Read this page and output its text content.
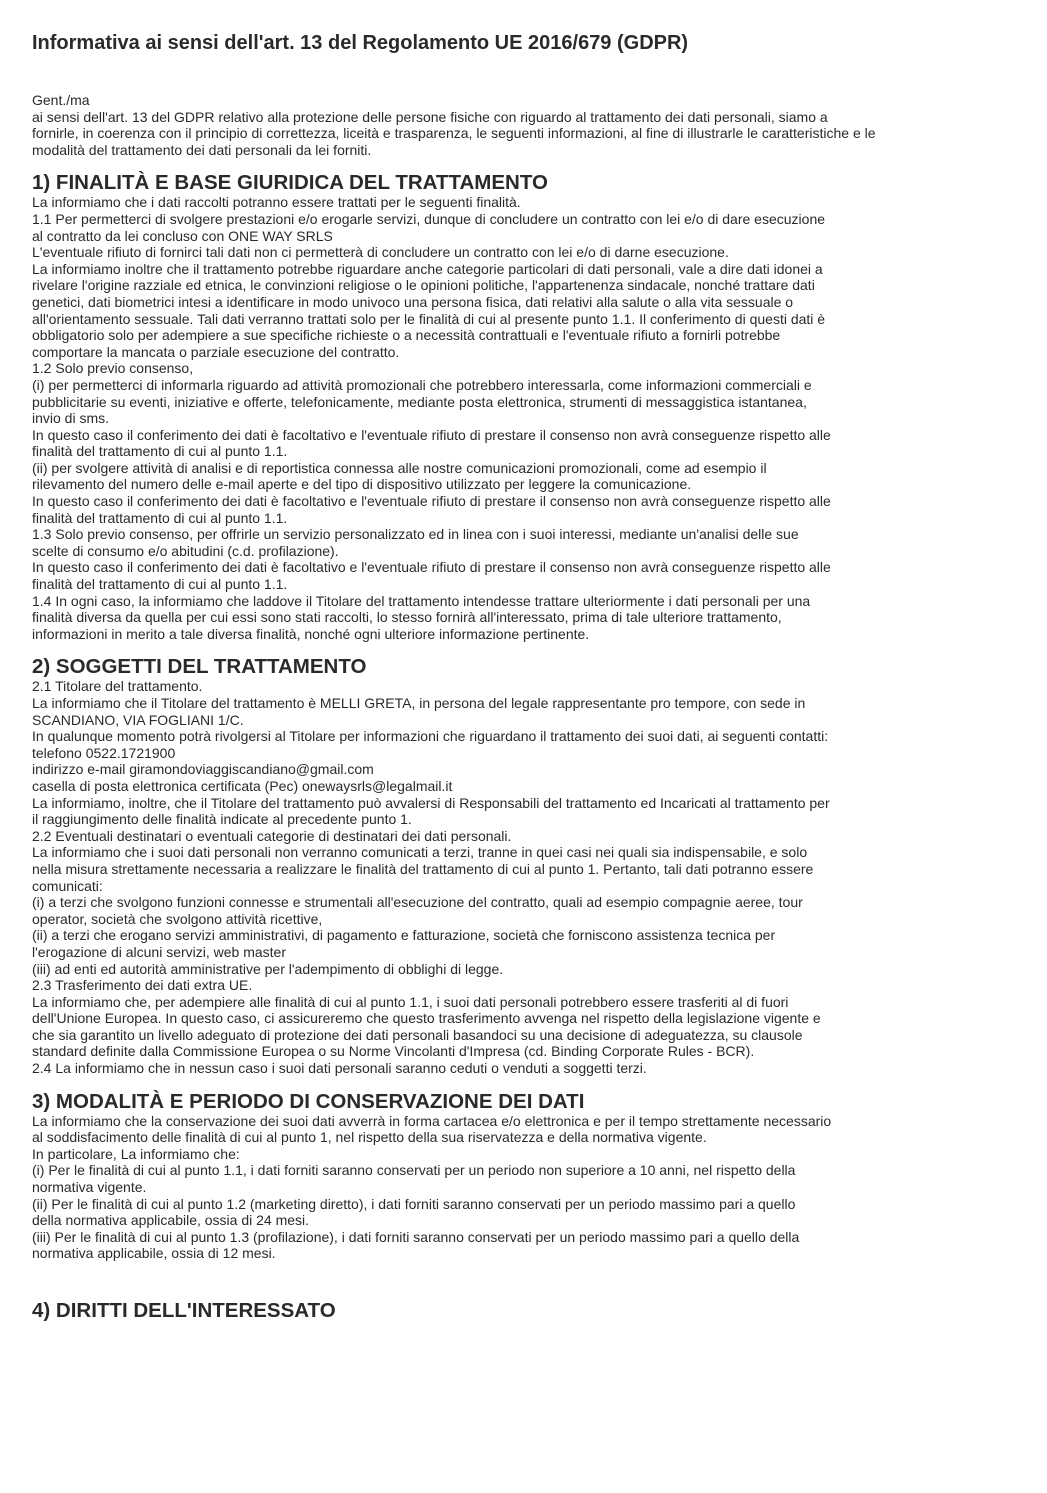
Informativa ai sensi dell'art. 13 del Regolamento UE 2016/679 (GDPR)
Gent./ma
ai sensi dell'art. 13 del GDPR relativo alla protezione delle persone fisiche con riguardo al trattamento dei dati personali, siamo a
fornirle, in coerenza con il principio di correttezza, liceità e trasparenza, le seguenti informazioni, al fine di illustrarle le caratteristiche e le
modalità del trattamento dei dati personali da lei forniti.
1) FINALITÀ E BASE GIURIDICA DEL TRATTAMENTO
La informiamo che i dati raccolti potranno essere trattati per le seguenti finalità.
1.1 Per permetterci di svolgere prestazioni e/o erogarle servizi, dunque di concludere un contratto con lei e/o di dare esecuzione
al contratto da lei concluso con ONE WAY SRLS
L'eventuale rifiuto di fornirci tali dati non ci permetterà di concludere un contratto con lei e/o di darne esecuzione.
La informiamo inoltre che il trattamento potrebbe riguardare anche categorie particolari di dati personali, vale a dire dati idonei a
rivelare l'origine razziale ed etnica, le convinzioni religiose o le opinioni politiche, l'appartenenza sindacale, nonché trattare dati
genetici, dati biometrici intesi a identificare in modo univoco una persona fisica, dati relativi alla salute o alla vita sessuale o
all'orientamento sessuale. Tali dati verranno trattati solo per le finalità di cui al presente punto 1.1. Il conferimento di questi dati è
obbligatorio solo per adempiere a sue specifiche richieste o a necessità contrattuali e l'eventuale rifiuto a fornirli potrebbe
comportare la mancata o parziale esecuzione del contratto.
1.2 Solo previo consenso,
(i) per permetterci di informarla riguardo ad attività promozionali che potrebbero interessarla, come informazioni commerciali e
pubblicitarie su eventi, iniziative e offerte, telefonicamente, mediante posta elettronica, strumenti di messaggistica istantanea,
invio di sms.
In questo caso il conferimento dei dati è facoltativo e l'eventuale rifiuto di prestare il consenso non avrà conseguenze rispetto alle
finalità del trattamento di cui al punto 1.1.
(ii) per svolgere attività di analisi e di reportistica connessa alle nostre comunicazioni promozionali, come ad esempio il
rilevamento del numero delle e-mail aperte e del tipo di dispositivo utilizzato per leggere la comunicazione.
In questo caso il conferimento dei dati è facoltativo e l'eventuale rifiuto di prestare il consenso non avrà conseguenze rispetto alle
finalità del trattamento di cui al punto 1.1.
1.3 Solo previo consenso, per offrirle un servizio personalizzato ed in linea con i suoi interessi, mediante un'analisi delle sue
scelte di consumo e/o abitudini (c.d. profilazione).
In questo caso il conferimento dei dati è facoltativo e l'eventuale rifiuto di prestare il consenso non avrà conseguenze rispetto alle
finalità del trattamento di cui al punto 1.1.
1.4 In ogni caso, la informiamo che laddove il Titolare del trattamento intendesse trattare ulteriormente i dati personali per una
finalità diversa da quella per cui essi sono stati raccolti, lo stesso fornirà all'interessato, prima di tale ulteriore trattamento,
informazioni in merito a tale diversa finalità, nonché ogni ulteriore informazione pertinente.
2) SOGGETTI DEL TRATTAMENTO
2.1 Titolare del trattamento.
La informiamo che il Titolare del trattamento è MELLI GRETA, in persona del legale rappresentante pro tempore, con sede in
SCANDIANO, VIA FOGLIANI 1/C.
In qualunque momento potrà rivolgersi al Titolare per informazioni che riguardano il trattamento dei suoi dati, ai seguenti contatti:
telefono 0522.1721900
indirizzo e-mail giramondoviaggiscandiano@gmail.com
casella di posta elettronica certificata (Pec) onewaysrls@legalmail.it
La informiamo, inoltre, che il Titolare del trattamento può avvalersi di Responsabili del trattamento ed Incaricati al trattamento per
il raggiungimento delle finalità indicate al precedente punto 1.
2.2 Eventuali destinatari o eventuali categorie di destinatari dei dati personali.
La informiamo che i suoi dati personali non verranno comunicati a terzi, tranne in quei casi nei quali sia indispensabile, e solo
nella misura strettamente necessaria a realizzare le finalità del trattamento di cui al punto 1. Pertanto, tali dati potranno essere
comunicati:
(i) a terzi che svolgono funzioni connesse e strumentali all'esecuzione del contratto, quali ad esempio compagnie aeree, tour
operator, società che svolgono attività ricettive,
(ii) a terzi che erogano servizi amministrativi, di pagamento e fatturazione, società che forniscono assistenza tecnica per
l'erogazione di alcuni servizi, web master
(iii) ad enti ed autorità amministrative per l'adempimento di obblighi di legge.
2.3 Trasferimento dei dati extra UE.
La informiamo che, per adempiere alle finalità di cui al punto 1.1, i suoi dati personali potrebbero essere trasferiti al di fuori
dell'Unione Europea. In questo caso, ci assicureremo che questo trasferimento avvenga nel rispetto della legislazione vigente e
che sia garantito un livello adeguato di protezione dei dati personali basandoci su una decisione di adeguatezza, su clausole
standard definite dalla Commissione Europea o su Norme Vincolanti d'Impresa (cd. Binding Corporate Rules - BCR).
2.4 La informiamo che in nessun caso i suoi dati personali saranno ceduti o venduti a soggetti terzi.
3) MODALITÀ E PERIODO DI CONSERVAZIONE DEI DATI
La informiamo che la conservazione dei suoi dati avverrà in forma cartacea e/o elettronica e per il tempo strettamente necessario
al soddisfacimento delle finalità di cui al punto 1, nel rispetto della sua riservatezza e della normativa vigente.
In particolare, La informiamo che:
(i) Per le finalità di cui al punto 1.1, i dati forniti saranno conservati per un periodo non superiore a 10 anni, nel rispetto della
normativa vigente.
(ii) Per le finalità di cui al punto 1.2 (marketing diretto), i dati forniti saranno conservati per un periodo massimo pari a quello
della normativa applicabile, ossia di 24 mesi.
(iii) Per le finalità di cui al punto 1.3 (profilazione), i dati forniti saranno conservati per un periodo massimo pari a quello della
normativa applicabile, ossia di 12 mesi.
4) DIRITTI DELL'INTERESSATO
